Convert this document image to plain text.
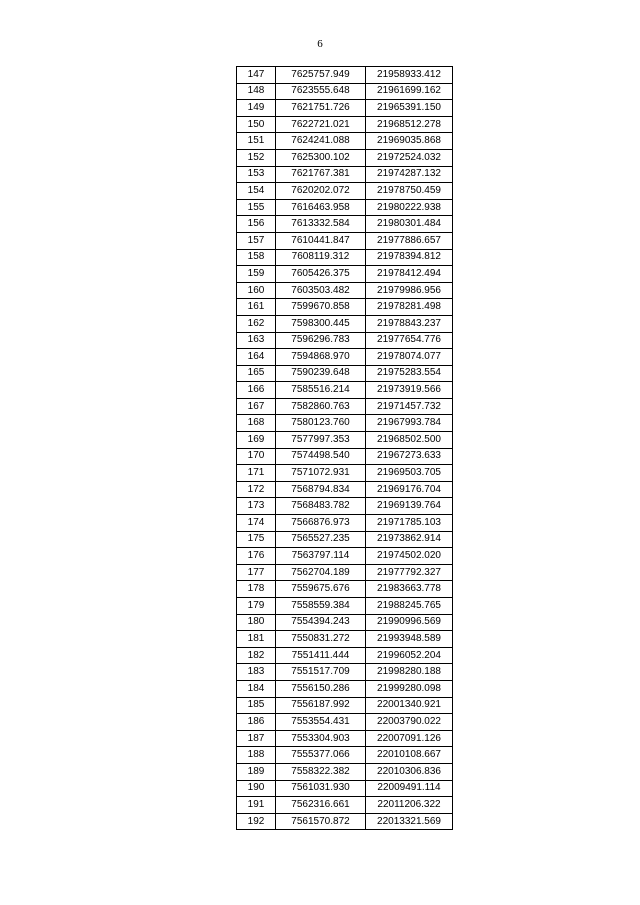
6
147	7625757.949	21958933.412
148	7623555.648	21961699.162
149	7621751.726	21965391.150
150	7622721.021	21968512.278
151	7624241.088	21969035.868
152	7625300.102	21972524.032
153	7621767.381	21974287.132
154	7620202.072	21978750.459
155	7616463.958	21980222.938
156	7613332.584	21980301.484
157	7610441.847	21977886.657
158	7608119.312	21978394.812
159	7605426.375	21978412.494
160	7603503.482	21979986.956
161	7599670.858	21978281.498
162	7598300.445	21978843.237
163	7596296.783	21977654.776
164	7594868.970	21978074.077
165	7590239.648	21975283.554
166	7585516.214	21973919.566
167	7582860.763	21971457.732
168	7580123.760	21967993.784
169	7577997.353	21968502.500
170	7574498.540	21967273.633
171	7571072.931	21969503.705
172	7568794.834	21969176.704
173	7568483.782	21969139.764
174	7566876.973	21971785.103
175	7565527.235	21973862.914
176	7563797.114	21974502.020
177	7562704.189	21977792.327
178	7559675.676	21983663.778
179	7558559.384	21988245.765
180	7554394.243	21990996.569
181	7550831.272	21993948.589
182	7551411.444	21996052.204
183	7551517.709	21998280.188
184	7556150.286	21999280.098
185	7556187.992	22001340.921
186	7553554.431	22003790.022
187	7553304.903	22007091.126
188	7555377.066	22010108.667
189	7558322.382	22010306.836
190	7561031.930	22009491.114
191	7562316.661	22011206.322
192	7561570.872	22013321.569
